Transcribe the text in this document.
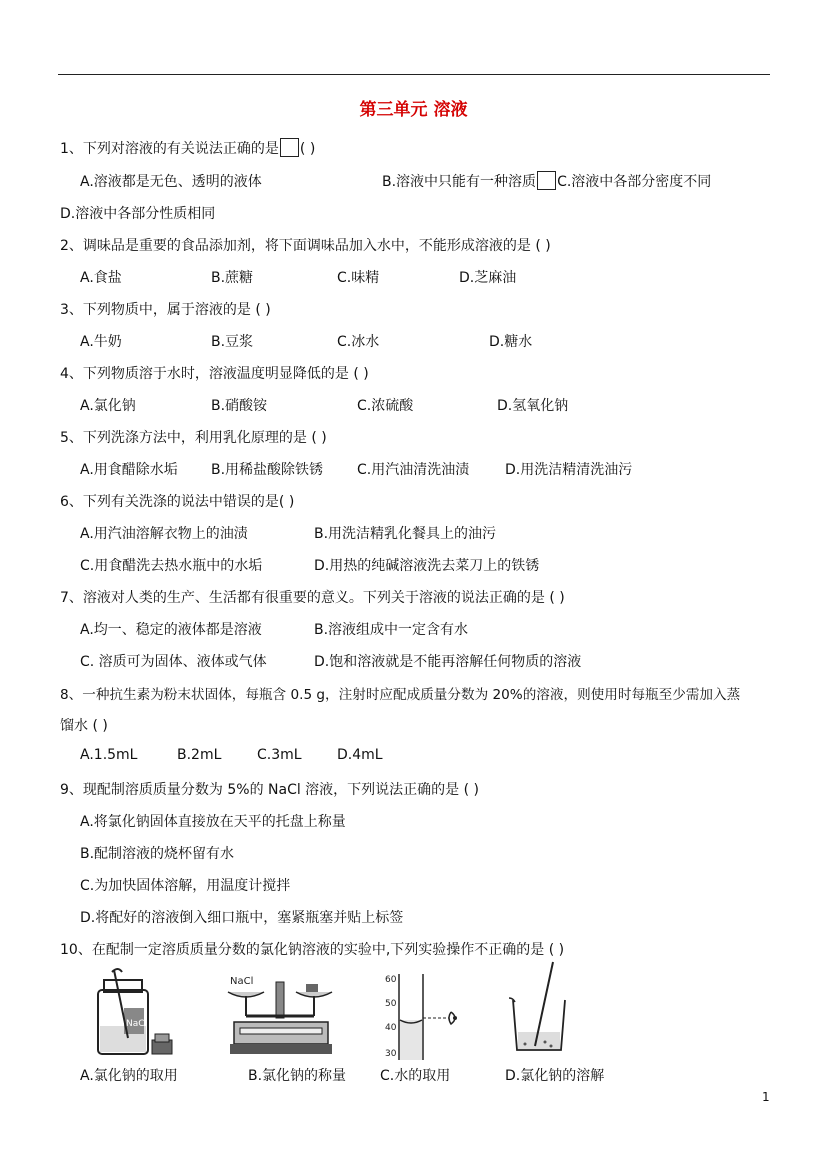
第三单元 溶液
1、下列对溶液的有关说法正确的是 ( )
A.溶液都是无色、透明的液体	B.溶液中只能有一种溶质 C.溶液中各部分密度不同
D.溶液中各部分性质相同
2、调味品是重要的食品添加剂，将下面调味品加入水中，不能形成溶液的是 ( )
A.食盐	B.蔗糖	C.味精	D.芝麻油
3、下列物质中，属于溶液的是 ( )
A.牛奶	B.豆浆	C.冰水	D.糖水
4、下列物质溶于水时，溶液温度明显降低的是 ( )
A.氯化钠	B.硝酸铵	C.浓硫酸	D.氢氧化钠
5、下列洗涤方法中，利用乳化原理的是 ( )
A.用食醋除水垢 B.用稀盐酸除铁锈 C.用汽油清洗油渍	D.用洗洁精清洗油污
6、下列有关洗涤的说法中错误的是( )
A.用汽油溶解衣物上的油渍	B.用洗洁精乳化餐具上的油污
C.用食醋洗去热水瓶中的水垢	D.用热的纯碱溶液洗去菜刀上的铁锈
7、溶液对人类的生产、生活都有很重要的意义。下列关于溶液的说法正确的是 ( )
A.均一、稳定的液体都是溶液	B.溶液组成中一定含有水
C. 溶质可为固体、液体或气体	D.饱和溶液就是不能再溶解任何物质的溶液
8、一种抗生素为粉末状固体，每瓶含 0.5 g，注射时应配成质量分数为 20%的溶液，则使用时每瓶至少需加入蒸
馏水 ( )
A.1.5mL	B.2mL	C.3mL	D.4mL
9、现配制溶质质量分数为 5%的 NaCl 溶液，下列说法正确的是 ( )
A.将氯化钠固体直接放在天平的托盘上称量
B.配制溶液的烧杯留有水
C.为加快固体溶解，用温度计搅拌
D.将配好的溶液倒入细口瓶中，塞紧瓶塞并贴上标签
10、在配制一定溶质质量分数的氯化钠溶液的实验中,下列实验操作不正确的是 ( )
NaCl
NaCl	60
50
40
30
A.氯化钠的取用	B.氯化钠的称量 C.水的取用	D.氯化钠的溶解
1
